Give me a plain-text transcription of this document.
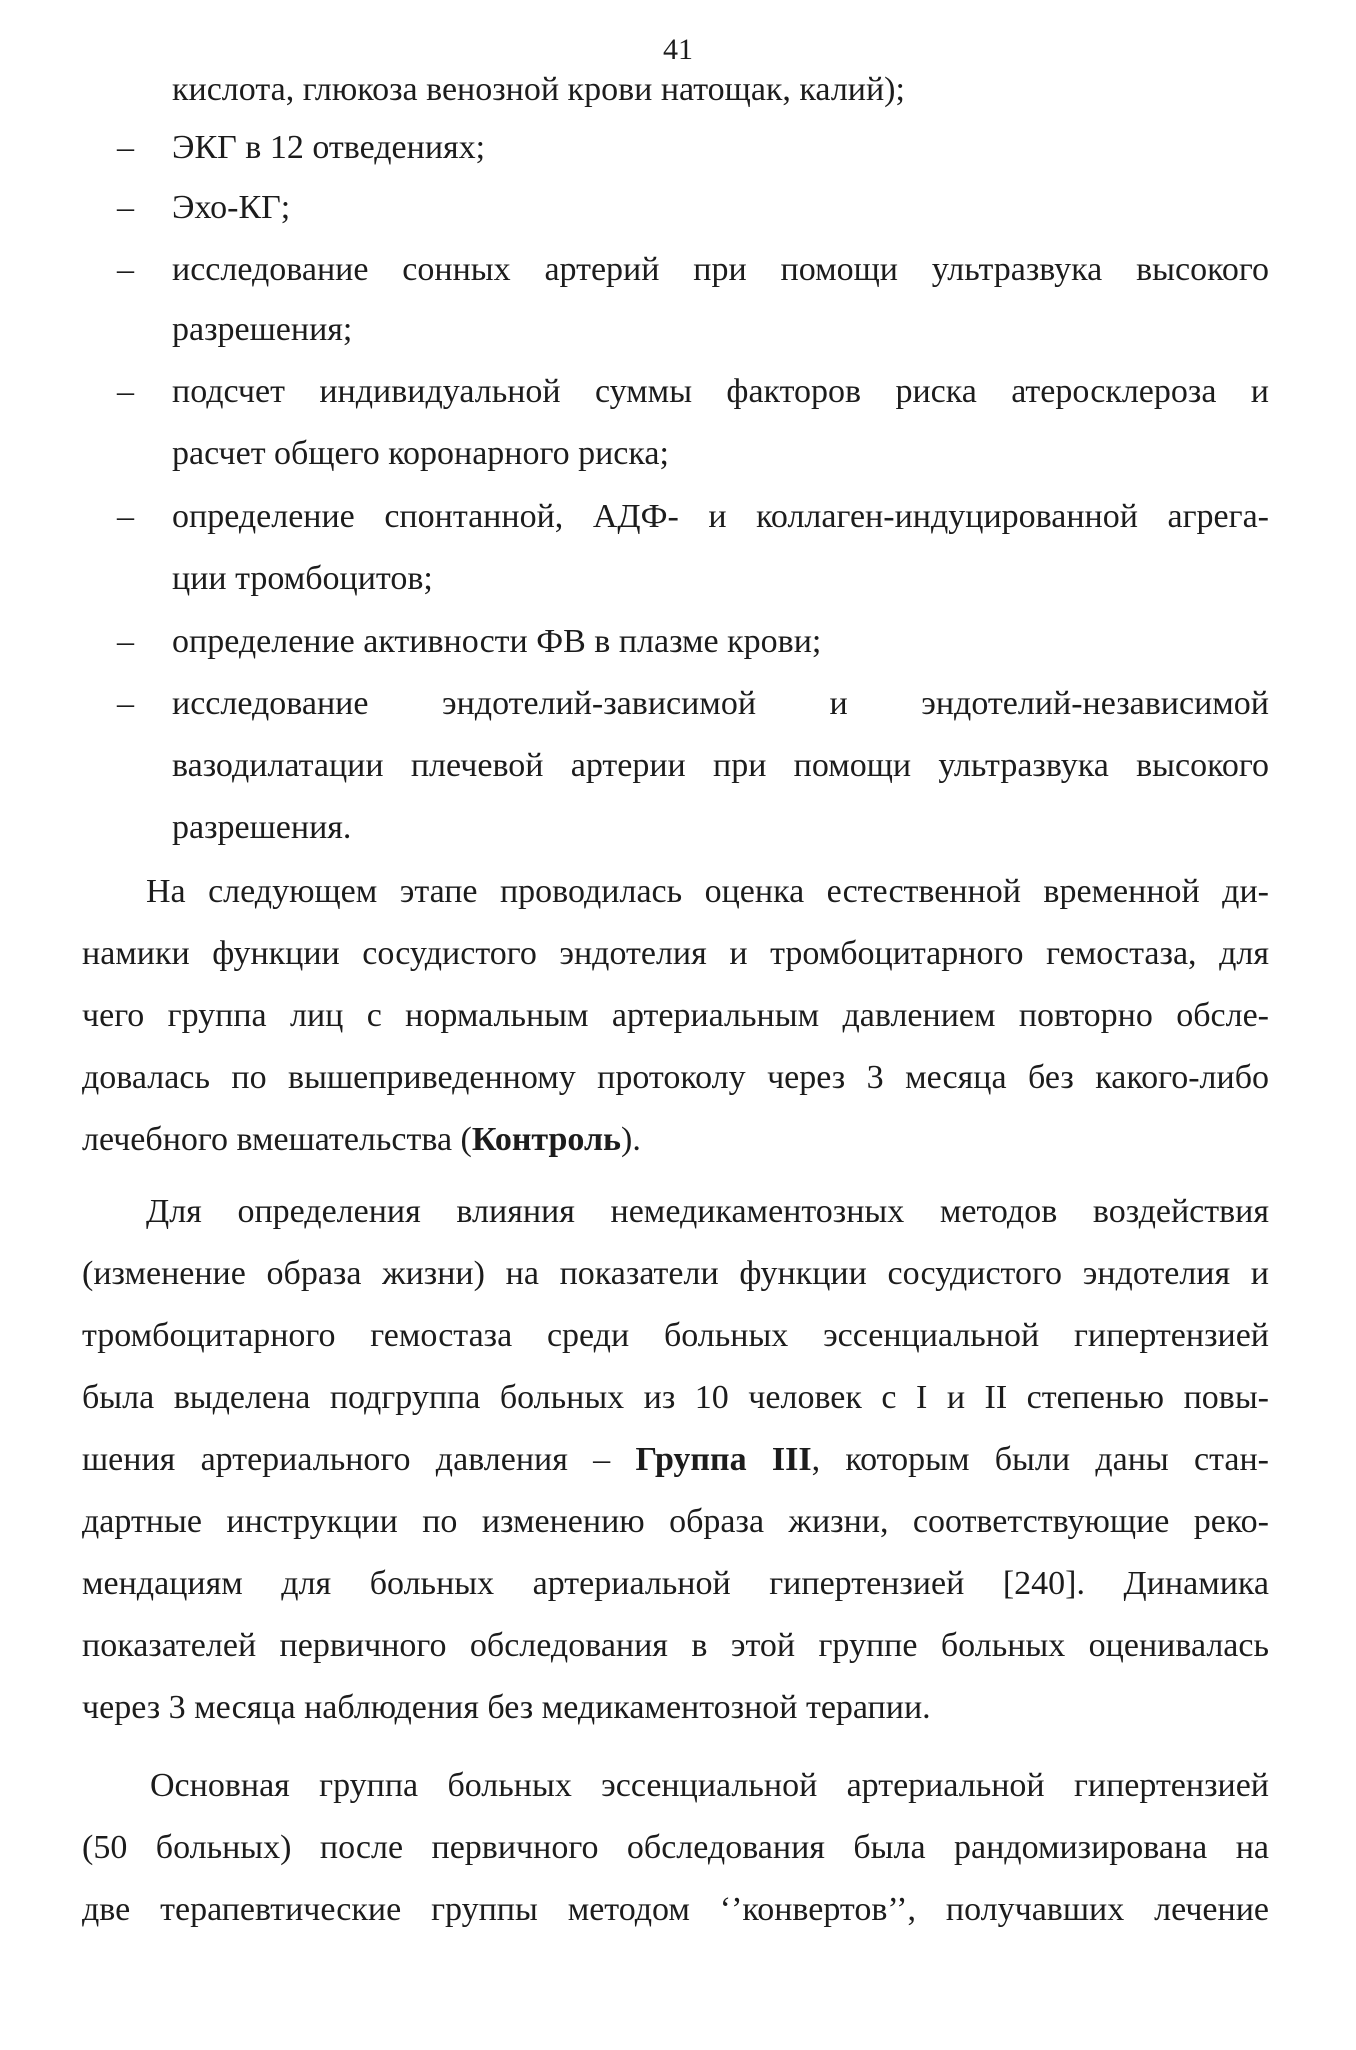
41
кислота, глюкоза венозной крови натощак, калий);
– ЭКГ в 12 отведениях;
– Эхо-КГ;
– исследование сонных артерий при помощи ультразвука высокого
разрешения;
– подсчет индивидуальной суммы факторов риска атеросклероза и
расчет общего коронарного риска;
– определение спонтанной, АДФ- и коллаген-индуцированной агрега-
ции тромбоцитов;
– определение активности ФВ в плазме крови;
– исследование эндотелий-зависимой и эндотелий-независимой
вазодилатации плечевой артерии при помощи ультразвука высокого
разрешения.
На следующем этапе проводилась оценка естественной временной ди-
намики функции сосудистого эндотелия и тромбоцитарного гемостаза, для
чего группа лиц с нормальным артериальным давлением повторно обсле-
довалась по вышеприведенному протоколу через 3 месяца без какого-либо
лечебного вмешательства (Контроль).
Для определения влияния немедикаментозных методов воздействия
(изменение образа жизни) на показатели функции сосудистого эндотелия и
тромбоцитарного гемостаза среди больных эссенциальной гипертензией
была выделена подгруппа больных из 10 человек с I и II степенью повы-
шения артериального давления – Группа III, которым были даны стан-
дартные инструкции по изменению образа жизни, соответствующие реко-
мендациям для больных артериальной гипертензией [240]. Динамика
показателей первичного обследования в этой группе больных оценивалась
через 3 месяца наблюдения без медикаментозной терапии.
Основная группа больных эссенциальной артериальной гипертензией
(50 больных) после первичного обследования была рандомизирована на
две терапевтические группы методом ‘’конвертов’’, получавших лечение
